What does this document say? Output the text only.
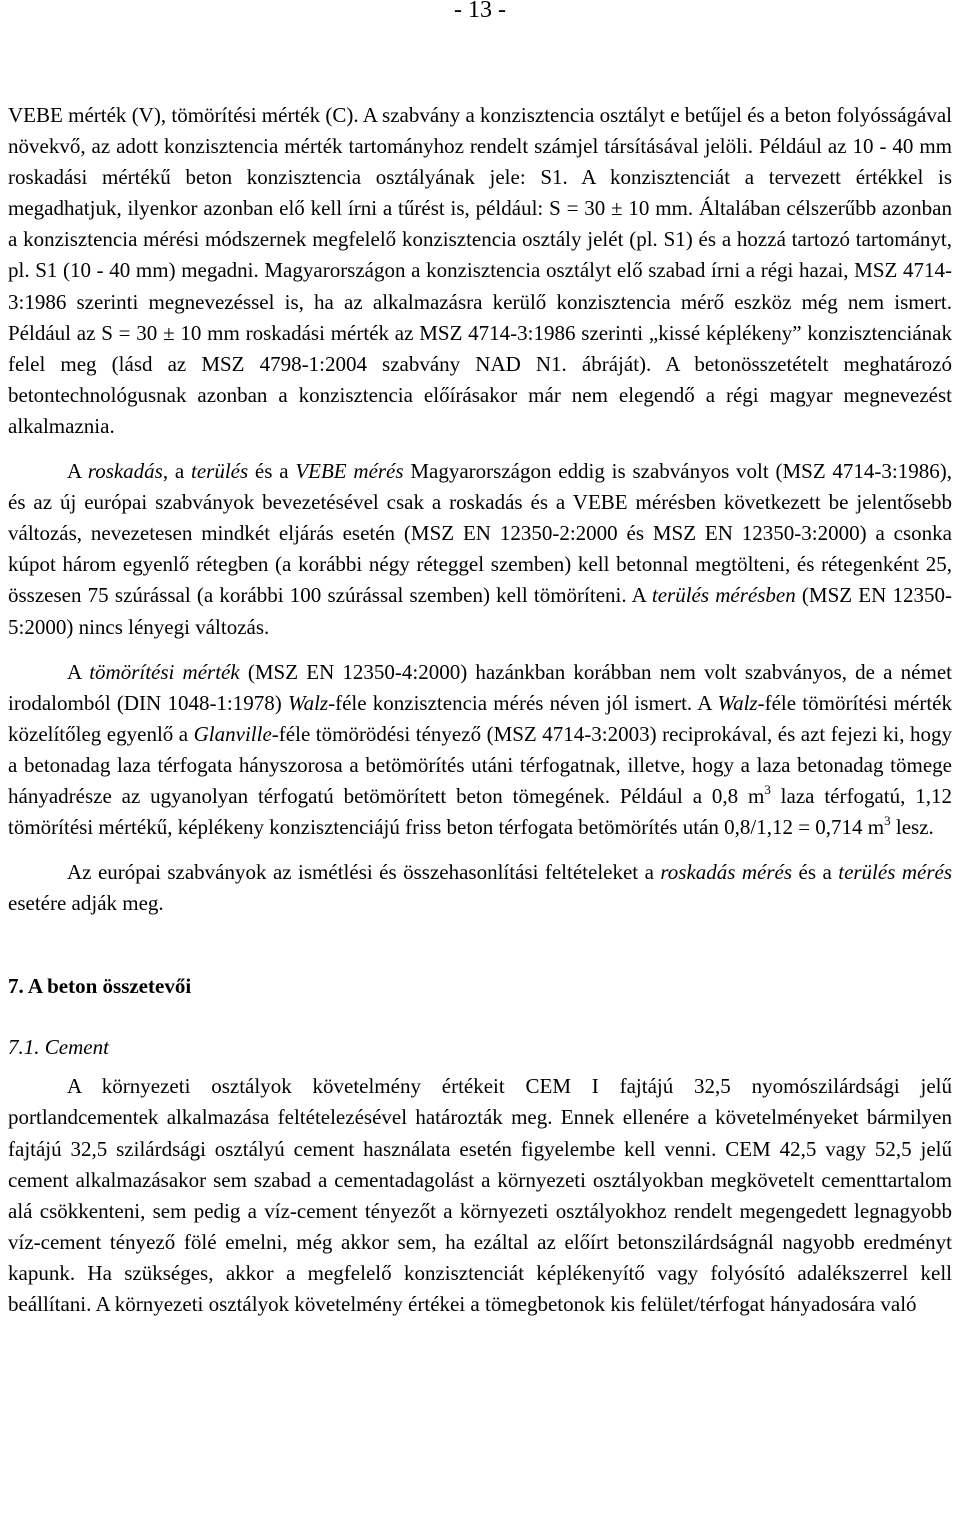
- 13 -

VEBE mérték (V), tömörítési mérték (C). A szabvány a konzisztencia osztályt e betűjel és a beton folyósságával növekvő, az adott konzisztencia mérték tartományhoz rendelt számjel társításával jelöli. Például az 10 - 40 mm roskadási mértékű beton konzisztencia osztályának jele: S1. A konzisztenciát a tervezett értékkel is megadhatjuk, ilyenkor azonban elő kell írni a tűrést is, például: S = 30 ± 10 mm. Általában célszerűbb azonban a konzisztencia mérési módszernek megfelelő konzisztencia osztály jelét (pl. S1) és a hozzá tartozó tartományt, pl. S1 (10 - 40 mm) megadni. Magyarországon a konzisztencia osztályt elő szabad írni a régi hazai, MSZ 4714-3:1986 szerinti megnevezéssel is, ha az alkalmazásra kerülő konzisztencia mérő eszköz még nem ismert. Például az S = 30 ± 10 mm roskadási mérték az MSZ 4714-3:1986 szerinti „kissé képlékeny” konzisztenciának felel meg (lásd az MSZ 4798-1:2004 szabvány NAD N1. ábráját). A betonösszetételt meghatározó betontechnológusnak azonban a konzisztencia előírásakor már nem elegendő a régi magyar megnevezést alkalmaznia.

A roskadás, a terülés és a VEBE mérés Magyarországon eddig is szabványos volt (MSZ 4714-3:1986), és az új európai szabványok bevezetésével csak a roskadás és a VEBE mérésben következett be jelentősebb változás, nevezetesen mindkét eljárás esetén (MSZ EN 12350-2:2000 és MSZ EN 12350-3:2000) a csonka kúpot három egyenlő rétegben (a korábbi négy réteggel szemben) kell betonnal megtölteni, és rétegenként 25, összesen 75 szúrással (a korábbi 100 szúrással szemben) kell tömöríteni. A terülés mérésben (MSZ EN 12350-5:2000) nincs lényegi változás.

A tömörítési mérték (MSZ EN 12350-4:2000) hazánkban korábban nem volt szabványos, de a német irodalomból (DIN 1048-1:1978) Walz-féle konzisztencia mérés néven jól ismert. A Walz-féle tömörítési mérték közelítőleg egyenlő a Glanville-féle tömörödési tényező (MSZ 4714-3:2003) reciprokával, és azt fejezi ki, hogy a betonadag laza térfogata hányszorosa a betömörítés utáni térfogatnak, illetve, hogy a laza betonadag tömege hányadrésze az ugyanolyan térfogatú betömörített beton tömegének. Például a 0,8 $m^3$ laza térfogatú, 1,12 tömörítési mértékű, képlékeny konzisztenciájú friss beton térfogata betömörítés után 0,8/1,12 = 0,714 $m^3$ lesz.

Az európai szabványok az ismétlési és összehasonlítási feltételeket a roskadás mérés és a terülés mérés esetére adják meg.

7. A beton összetevői
7.1. Cement

A környezeti osztályok követelmény értékeit CEM I fajtájú 32,5 nyomószilárdsági jelű portlandcementek alkalmazása feltételezésével határozták meg. Ennek ellenére a követelményeket bármilyen fajtájú 32,5 szilárdsági osztályú cement használata esetén figyelembe kell venni. CEM 42,5 vagy 52,5 jelű cement alkalmazásakor sem szabad a cementadagolást a környezeti osztályokban megkövetelt cementtartalom alá csökkenteni, sem pedig a víz-cement tényezőt a környezeti osztályokhoz rendelt megengedett legnagyobb víz-cement tényező fölé emelni, még akkor sem, ha ezáltal az előírt betonszilárdságnál nagyobb eredményt kapunk. Ha szükséges, akkor a megfelelő konzisztenciát képlékenyítő vagy folyósító adalékszerrel kell beállítani. A környezeti osztályok követelmény értékei a tömegbetonok kis felület/térfogat hányadosára való
